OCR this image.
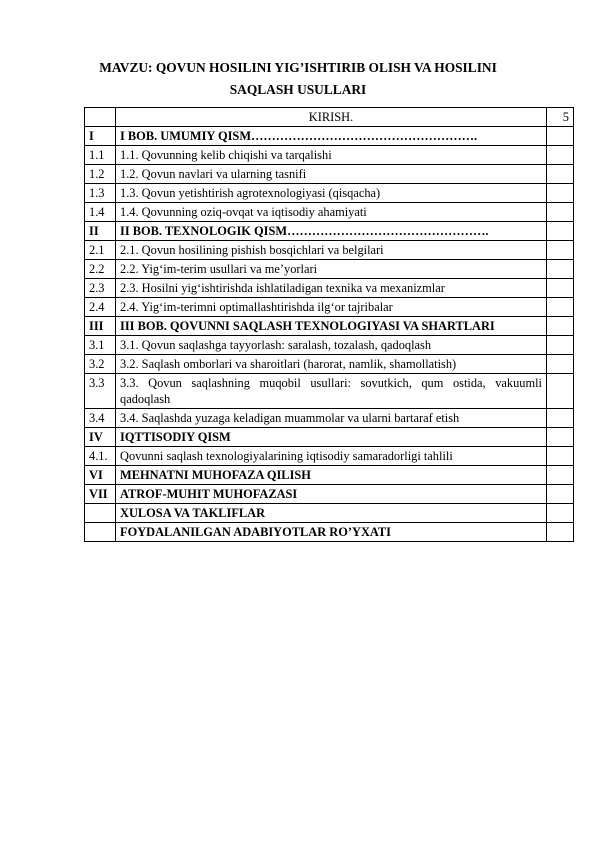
MAVZU: QOVUN HOSILINI YIG’ISHTIRIB OLISH VA HOSILINI
SAQLASH USULLARI
	KIRISH.	5
I	I BOB. UMUMIY QISM……………………………………………….	
1.1	1.1. Qovunning kelib chiqishi va tarqalishi	
1.2	1.2. Qovun navlari va ularning tasnifi	
1.3	1.3. Qovun yetishtirish agrotexnologiyasi (qisqacha)	
1.4	1.4. Qovunning oziq-ovqat va iqtisodiy ahamiyati	
II	II BOB. TEXNOLOGIK QISM………………………………………….	
2.1	2.1. Qovun hosilining pishish bosqichlari va belgilari	
2.2	2.2. Yig‘im-terim usullari va me’yorlari	
2.3	2.3. Hosilni yig‘ishtirishda ishlatiladigan texnika va mexanizmlar	
2.4	2.4. Yig‘im-terimni optimallashtirishda ilg‘or tajribalar	
III	III BOB. QOVUNNI SAQLASH TEXNOLOGIYASI VA SHARTLARI	
3.1	3.1. Qovun saqlashga tayyorlash: saralash, tozalash, qadoqlash	
3.2	3.2. Saqlash omborlari va sharoitlari (harorat, namlik, shamollatish)	
3.3	3.3. Qovun saqlashning muqobil usullari: sovutkich, qum ostida, vakuumli qadoqlash	
3.4	3.4. Saqlashda yuzaga keladigan muammolar va ularni bartaraf etish	
IV	IQTTISODIY QISM	
4.1.	Qovunni saqlash texnologiyalarining iqtisodiy samaradorligi tahlili	
VI	MEHNATNI MUHOFAZA QILISH	
VII	ATROF-MUHIT MUHOFAZASI	
	XULOSA VA TAKLIFLAR	
	FOYDALANILGAN ADABIYOTLAR RO’YXATI	
